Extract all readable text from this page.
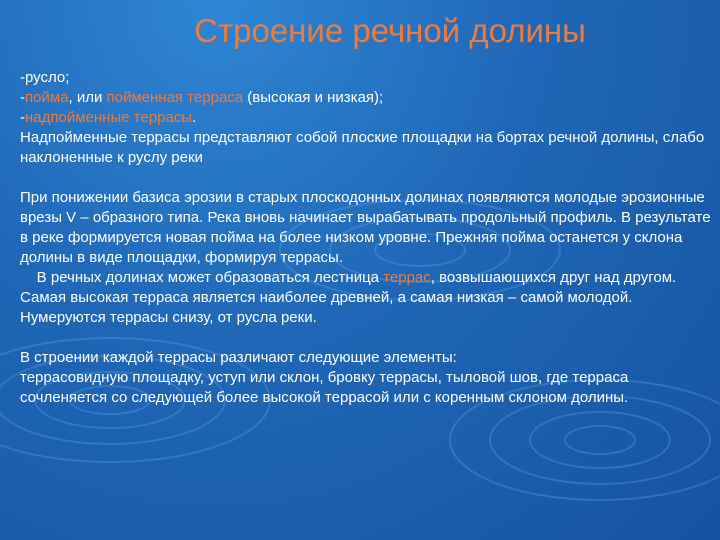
Строение речной долины

-русло;

-пойма, или пойменная терраса (высокая и низкая);

-надпойменные террасы.

Надпойменные террасы представляют собой плоские площадки на бортах речной долины, слабо наклоненные к руслу реки

При понижении базиса эрозии в старых плоскодонных долинах появляются молодые эрозионные врезы V – образного типа. Река вновь начинает вырабатывать продольный профиль. В результате в реке формируется новая пойма на более низком уровне. Прежняя пойма останется у склона долины в виде площадки, формируя террасы.

В речных долинах может образоваться лестница террас, возвышающихся друг над другом. Самая высокая терраса является наиболее древней, а самая низкая – самой молодой. Нумеруются террасы снизу, от русла реки.

В строении каждой террасы различают следующие элементы:

террасовидную площадку, уступ или склон, бровку террасы, тыловой шов, где терраса сочленяется со следующей более высокой террасой или с коренным склоном долины.
